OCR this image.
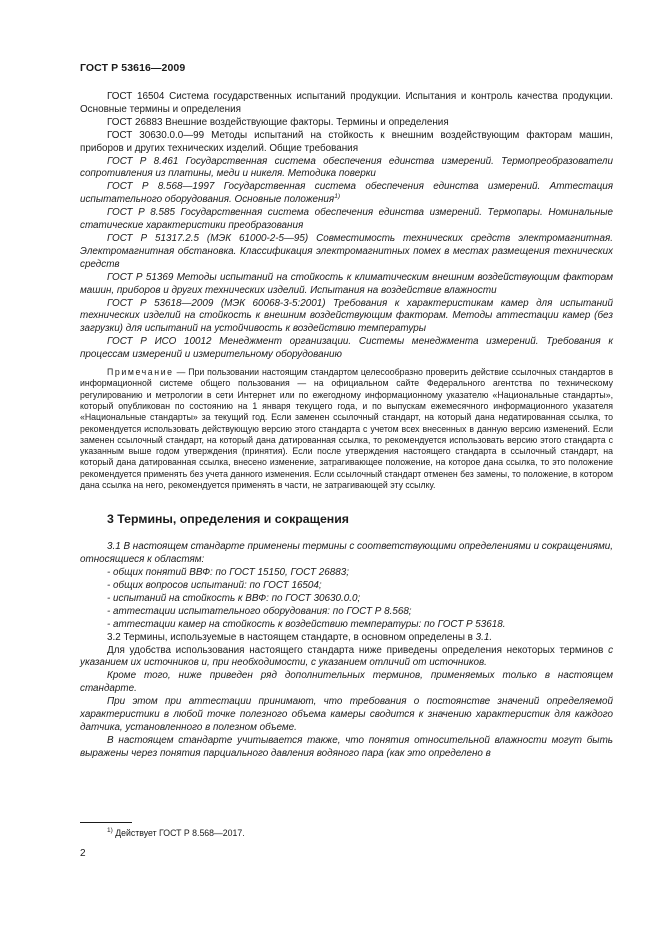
ГОСТ Р 53616—2009

ГОСТ 16504 Система государственных испытаний продукции. Испытания и контроль качества продукции. Основные термины и определения

ГОСТ 26883 Внешние воздействующие факторы. Термины и определения

ГОСТ 30630.0.0—99 Методы испытаний на стойкость к внешним воздействующим факторам машин, приборов и других технических изделий. Общие требования

ГОСТ Р 8.461 Государственная система обеспечения единства измерений. Термопреобразователи сопротивления из платины, меди и никеля. Методика поверки

ГОСТ Р 8.568—1997 Государственная система обеспечения единства измерений. Аттестация испытательного оборудования. Основные положения$^{1)}$

ГОСТ Р 8.585 Государственная система обеспечения единства измерений. Термопары. Номинальные статические характеристики преобразования

ГОСТ Р 51317.2.5 (МЭК 61000-2-5—95) Совместимость технических средств электромагнитная. Электромагнитная обстановка. Классификация электромагнитных помех в местах размещения технических средств

ГОСТ Р 51369 Методы испытаний на стойкость к климатическим внешним воздействующим факторам машин, приборов и других технических изделий. Испытания на воздействие влажности

ГОСТ Р 53618—2009 (МЭК 60068-3-5:2001) Требования к характеристикам камер для испытаний технических изделий на стойкость к внешним воздействующим факторам. Методы аттестации камер (без загрузки) для испытаний на устойчивость к воздействию температуры

ГОСТ Р ИСО 10012 Менеджмент организации. Системы менеджмента измерений. Требования к процессам измерений и измерительному оборудованию

Примечание — При пользовании настоящим стандартом целесообразно проверить действие ссылочных стандартов в информационной системе общего пользования — на официальном сайте Федерального агентства по техническому регулированию и метрологии в сети Интернет или по ежегодному информационному указателю «Национальные стандарты», который опубликован по состоянию на 1 января текущего года, и по выпускам ежемесячного информационного указателя «Национальные стандарты» за текущий год. Если заменен ссылочный стандарт, на который дана недатированная ссылка, то рекомендуется использовать действующую версию этого стандарта с учетом всех внесенных в данную версию изменений. Если заменен ссылочный стандарт, на который дана датированная ссылка, то рекомендуется использовать версию этого стандарта с указанным выше годом утверждения (принятия). Если после утверждения настоящего стандарта в ссылочный стандарт, на который дана датированная ссылка, внесено изменение, затрагивающее положение, на которое дана ссылка, то это положение рекомендуется применять без учета данного изменения. Если ссылочный стандарт отменен без замены, то положение, в котором дана ссылка на него, рекомендуется применять в части, не затрагивающей эту ссылку.

3 Термины, определения и сокращения

3.1 В настоящем стандарте применены термины с соответствующими определениями и сокращениями, относящиеся к областям:

- общих понятий ВВФ: по ГОСТ 15150, ГОСТ 26883;

- общих вопросов испытаний: по ГОСТ 16504;

- испытаний на стойкость к ВВФ: по ГОСТ 30630.0.0;

- аттестации испытательного оборудования: по ГОСТ Р 8.568;

- аттестации камер на стойкость к воздействию температуры: по ГОСТ Р 53618.

3.2 Термины, используемые в настоящем стандарте, в основном определены в 3.1.

Для удобства использования настоящего стандарта ниже приведены определения некоторых терминов с указанием их источников и, при необходимости, с указанием отличий от источников.

Кроме того, ниже приведен ряд дополнительных терминов, применяемых только в настоящем стандарте.

При этом при аттестации принимают, что требования о постоянстве значений определяемой характеристики в любой точке полезного объема камеры сводится к значению характеристик для каждого датчика, установленного в полезном объеме.

В настоящем стандарте учитывается также, что понятия относительной влажности могут быть выражены через понятия парциального давления водяного пара (как это определено в

$^{1)}$ Действует ГОСТ Р 8.568—2017.
2
